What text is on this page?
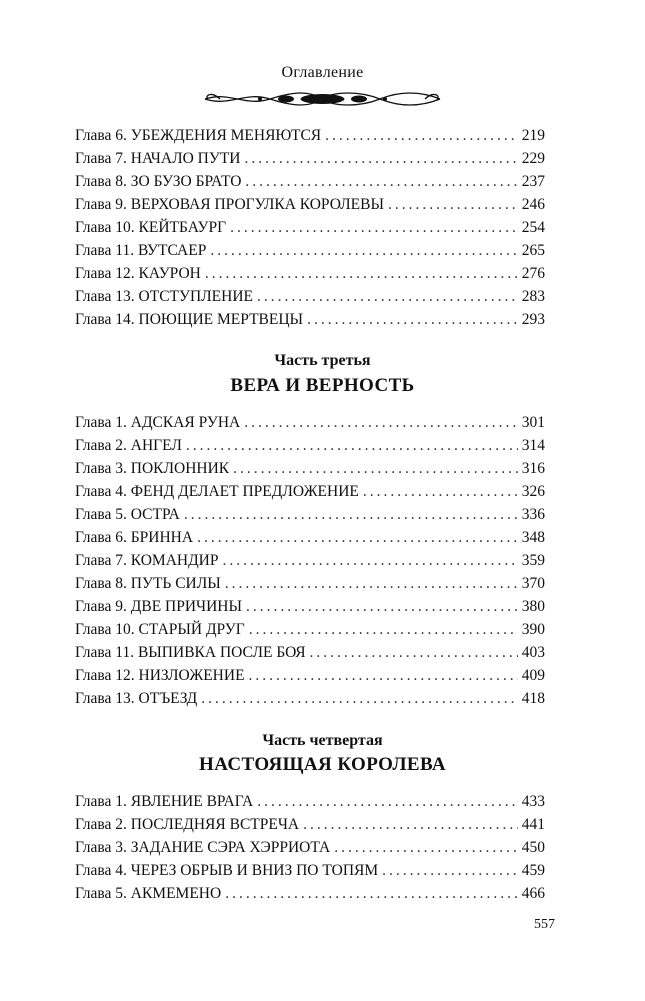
Оглавление
Глава 6. УБЕЖДЕНИЯ МЕНЯЮТСЯ .....	219
Глава 7. НАЧАЛО ПУТИ .....	229
Глава 8. ЗО БУЗО БРАТО .....	237
Глава 9. ВЕРХОВАЯ ПРОГУЛКА КОРОЛЕВЫ .....	246
Глава 10. КЕЙТБАУРГ .....	254
Глава 11. ВУТСАЕР .....	265
Глава 12. КАУРОН .....	276
Глава 13. ОТСТУПЛЕНИЕ .....	283
Глава 14. ПОЮЩИЕ МЕРТВЕЦЫ .....	293
Часть третья
ВЕРА И ВЕРНОСТЬ
Глава 1. АДСКАЯ РУНА .....	301
Глава 2. АНГЕЛ .....	314
Глава 3. ПОКЛОННИК .....	316
Глава 4. ФЕНД ДЕЛАЕТ ПРЕДЛОЖЕНИЕ .....	326
Глава 5. ОСТРА .....	336
Глава 6. БРИННА .....	348
Глава 7. КОМАНДИР .....	359
Глава 8. ПУТЬ СИЛЫ .....	370
Глава 9. ДВЕ ПРИЧИНЫ .....	380
Глава 10. СТАРЫЙ ДРУГ .....	390
Глава 11. ВЫПИВКА ПОСЛЕ БОЯ .....	403
Глава 12. НИЗЛОЖЕНИЕ .....	409
Глава 13. ОТЪЕЗД .....	418
Часть четвертая
НАСТОЯЩАЯ КОРОЛЕВА
Глава 1. ЯВЛЕНИЕ ВРАГА .....	433
Глава 2. ПОСЛЕДНЯЯ ВСТРЕЧА .....	441
Глава 3. ЗАДАНИЕ СЭРА ХЭРРИОТА .....	450
Глава 4. ЧЕРЕЗ ОБРЫВ И ВНИЗ ПО ТОПЯМ .....	459
Глава 5. АКМЕМЕНО .....	466
557
